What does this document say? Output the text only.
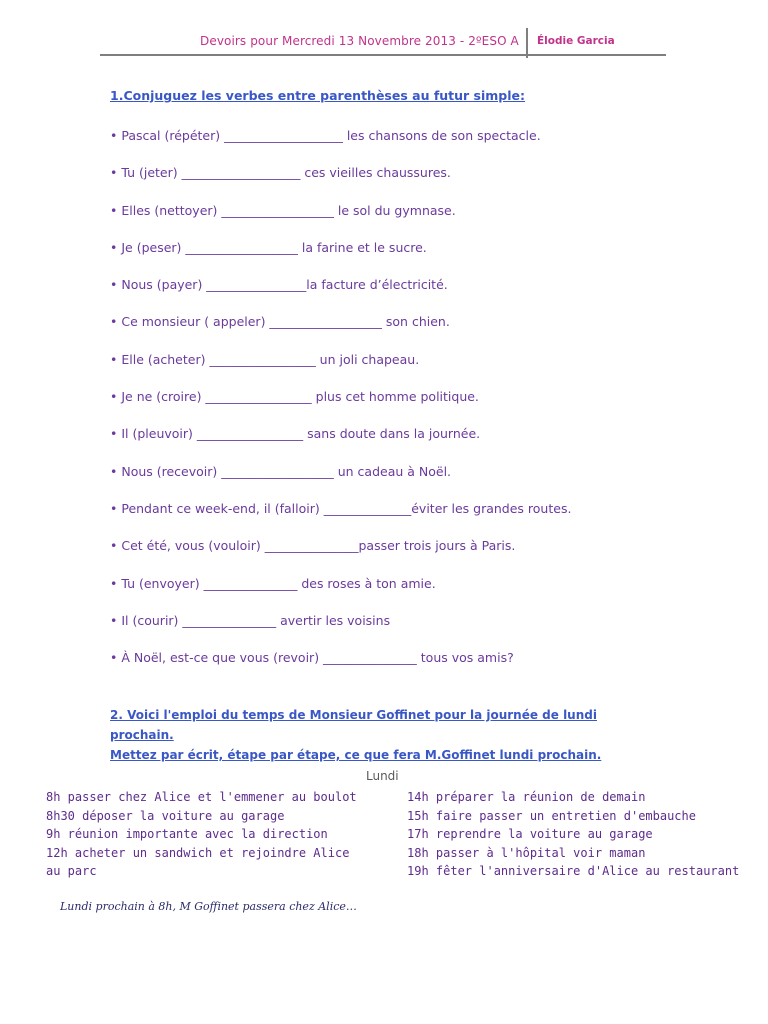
Devoirs pour Mercredi 13 Novembre 2013 - 2ºESO A Élodie Garcia
1.Conjuguez les verbes entre parenthèses au futur simple:
• Pascal (répéter) ___________________ les chansons de son spectacle.
• Tu (jeter) ___________________ ces vieilles chaussures.
• Elles (nettoyer) __________________ le sol du gymnase.
• Je (peser) __________________ la farine et le sucre.
• Nous (payer) ________________la facture d’électricité.
• Ce monsieur ( appeler) __________________ son chien.
• Elle (acheter) _________________ un joli chapeau.
• Je ne (croire) _________________ plus cet homme politique.
• Il (pleuvoir) _________________ sans doute dans la journée.
• Nous (recevoir) __________________ un cadeau à Noël.
• Pendant ce week-end, il (falloir) ______________éviter les grandes routes.
• Cet été, vous (vouloir) _______________passer trois jours à Paris.
• Tu (envoyer) _______________ des roses à ton amie.
• Il (courir) _______________ avertir les voisins
• À Noël, est-ce que vous (revoir) _______________ tous vos amis?
2. Voici l'emploi du temps de Monsieur Goffinet pour la journée de lundi prochain.
Mettez par écrit, étape par étape, ce que fera M.Goffinet lundi prochain.
Lundi
8h passer chez Alice et l'emmener au boulot
8h30 déposer la voiture au garage
9h réunion importante avec la direction
12h acheter un sandwich et rejoindre Alice au parc
14h préparer la réunion de demain
15h faire passer un entretien d'embauche
17h reprendre la voiture au garage
18h passer à l'hôpital voir maman
19h fêter l'anniversaire d'Alice au restaurant
Lundi prochain à 8h, M Goffinet passera chez Alice…
